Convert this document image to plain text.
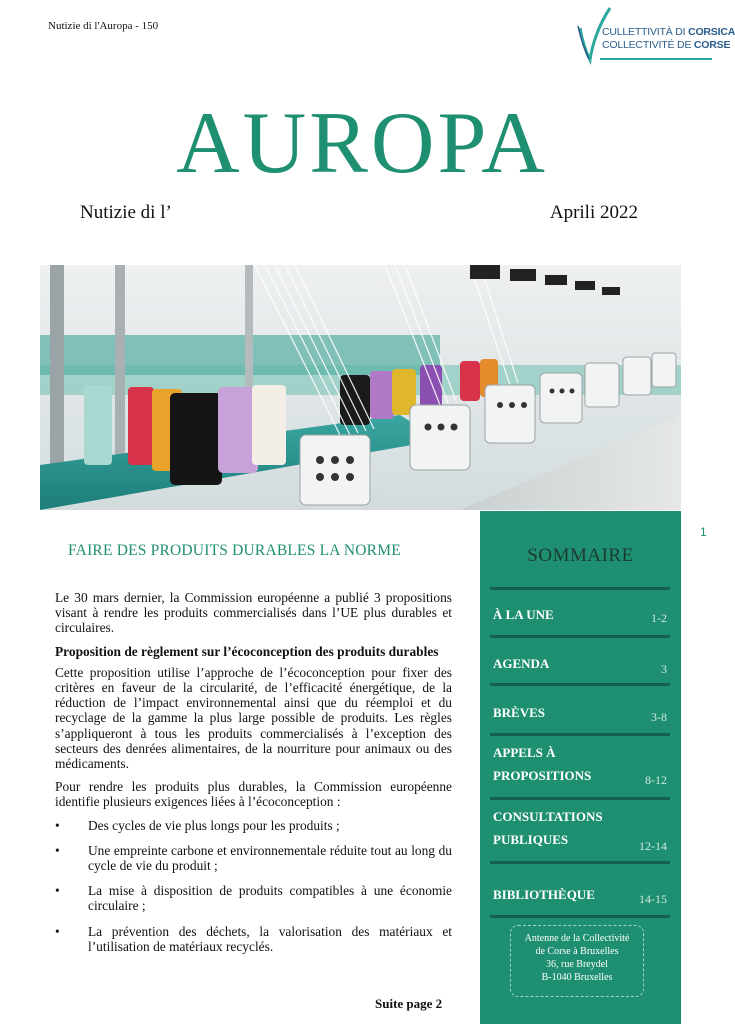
Nutizie di l'Auropa - 150	CULLETTIVITÀ DI CORSICA
COLLECTIVITÉ DE CORSE
AUROPA
Nutizie di l’	Aprili 2022
1
FAIRE DES PRODUITS DURABLES LA NORME

Le 30 mars dernier, la Commission européenne a publié 3 propositions visant à rendre les produits commercialisés dans l’UE plus durables et circulaires.

Proposition de règlement sur l’écoconception des produits durables

Cette proposition utilise l’approche de l’écoconception pour fixer des critères en faveur de la circularité, de l’efficacité énergétique, de la réduction de l’impact environnemental ainsi que du réemploi et du recyclage de la gamme la plus large possible de produits. Les règles s’appliqueront à tous les produits commercialisés à l’exception des secteurs des denrées alimentaires, de la nourriture pour animaux ou des médicaments.

Pour rendre les produits plus durables, la Commission européenne identifie plusieurs exigences liées à l’écoconception :

• Des cycles de vie plus longs pour les produits ;
• Une empreinte carbone et environnementale réduite tout au long du cycle de vie du produit ;
• La mise à disposition de produits compatibles à une économie circulaire ;
• La prévention des déchets, la valorisation des matériaux et l’utilisation de matériaux recyclés.
Suite page 2
SOMMAIRE
À LA UNE	1-2
AGENDA	3
BRÈVES	3-8
APPELS À
PROPOSITIONS	8-12
CONSULTATIONS
PUBLIQUES	12-14
BIBLIOTHÈQUE	14-15
Antenne de la Collectivité
de Corse à Bruxelles
36, rue Breydel
B-1040 Bruxelles
